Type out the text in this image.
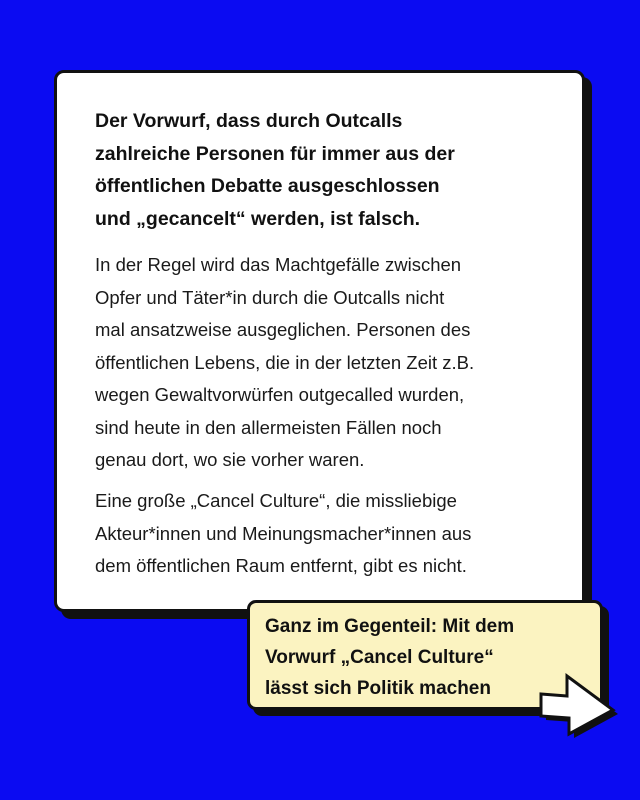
Der Vorwurf, dass durch Outcalls
zahlreiche Personen für immer aus der
öffentlichen Debatte ausgeschlossen
und „gecancelt“ werden, ist falsch.
In der Regel wird das Machtgefälle zwischen
Opfer und Täter*in durch die Outcalls nicht
mal ansatzweise ausgeglichen. Personen des
öffentlichen Lebens, die in der letzten Zeit z.B.
wegen Gewaltvorwürfen outgecalled wurden,
sind heute in den allermeisten Fällen noch
genau dort, wo sie vorher waren.
Eine große „Cancel Culture“, die missliebige
Akteur*innen und Meinungsmacher*innen aus
dem öffentlichen Raum entfernt, gibt es nicht.
Ganz im Gegenteil: Mit dem
Vorwurf „Cancel Culture“
lässt sich Politik machen
